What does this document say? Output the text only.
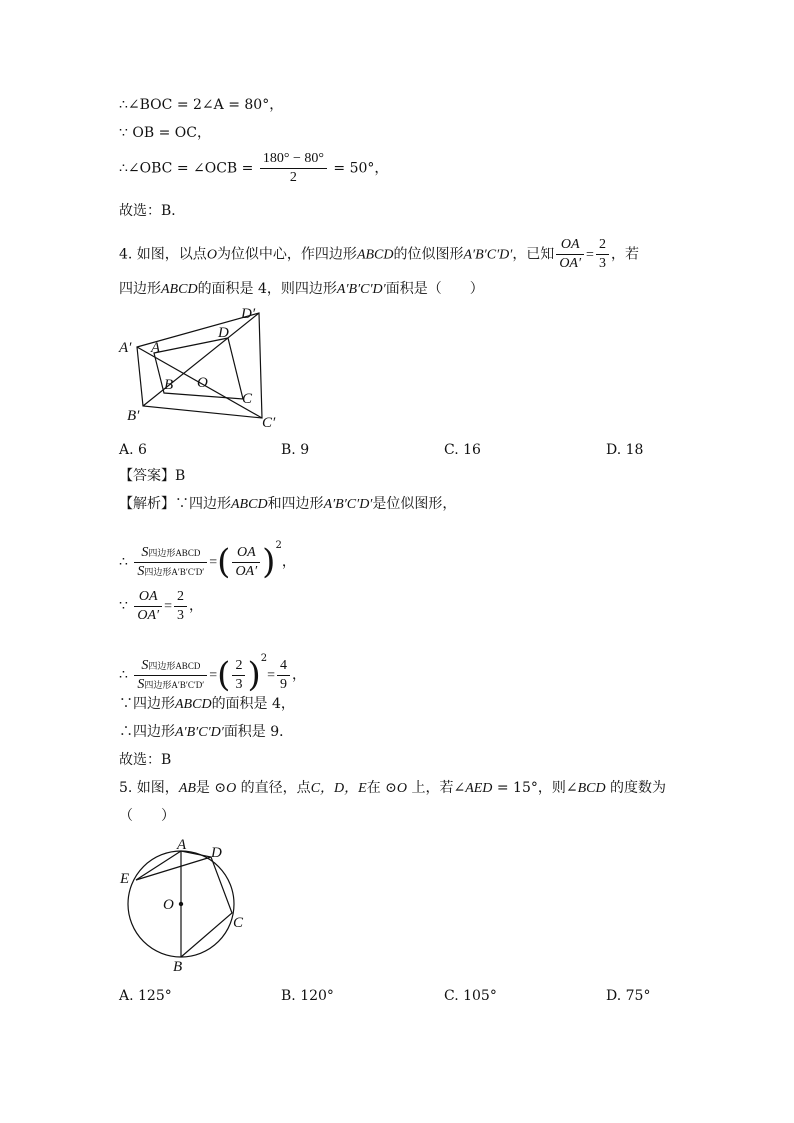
∴∠BOC = 2∠A = 80°，
∵ OB = OC，
∴∠OBC = ∠OCB = $\frac{180^\circ - 80^\circ}{2} = 50^\circ$，
故选：B．
4. 如图，以点O为位似中心，作四边形ABCD的位似图形A′B′C′D′，已知 $\frac{OA}{OA'} = \frac{2}{3}$ ，若
四边形ABCD的面积是 4，则四边形A′B′C′D′面积是（　　）
A′ A
D
D′
B O
C
B′	C′
A. 6	B. 9	C. 16	D. 18
【答案】B
【解析】∵四边形ABCD和四边形A′B′C′D′是位似图形，
∴ $\frac{\text{S四边形ABCD}}{\text{S四边形A′B′C′D′}}$ =( $\frac{OA}{OA'} )^2$，
∵ $\frac{OA}{OA'} = \frac{2}{3}$ ，
∴ $\frac{\text{S四边形ABCD}}{\text{S四边形A′B′C′D′}}$ =( $\frac{2}{3} )^2= \frac{4}{9}$ ，
∵四边形ABCD的面积是 4，
∴四边形A′B′C′D′面积是 9．
故选：B
5. 如图，AB是 ⊙O 的直径，点C，D，E在 ⊙O 上，若∠AED = 15°，则∠BCD 的度数为
（　　）
A D
E
O
C
B
A. 125°	B. 120°	C. 105°	D. 75°
